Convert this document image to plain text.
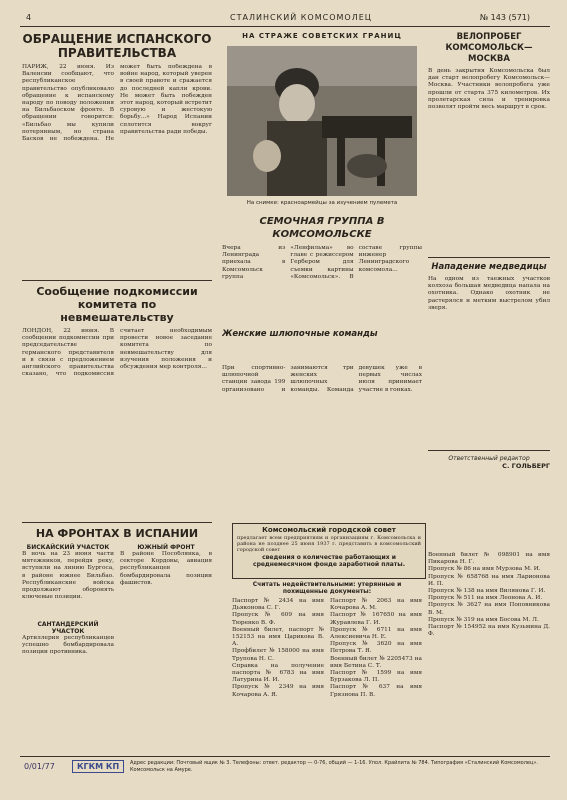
4	СТАЛИНСКИЙ КОМСОМОЛЕЦ	№ 143 (571)
ОБРАЩЕНИЕ ИСПАНСКОГО ПРАВИТЕЛЬСТВА
ПАРИЖ, 22 июня. Из Валенсии сообщают, что республиканское правительство опубликовало обращение к испанскому народу по поводу положения на Бильбаоском фронте. В обращении говорится: «Бильбао мы купили потерянным, но страна Басков не побеждена. Не может быть побеждена в войне народ, который уверен в своей правоте и сражается до последней капли крови. Не может быть побежден этот народ, который встретит суровую и жестокую борьбу...» Народ Испании сплотится вокруг правительства ради победы.
Сообщение подкомиссии комитета по невмешательству
ЛОНДОН, 22 июня. В сообщении подкомиссии при председательстве германского представителя и в связи с предложением английского правительства сказано, что подкомиссия считает необходимым провести новое заседание комитета по невмешательству для изучения положения и обсуждения мер контроля...
НА ФРОНТАХ В ИСПАНИИ
БИСКАЙСКИЙ УЧАСТОК
В ночь на 23 июня части мятежников, перейдя реку, вступили на линию Бургоса, в районе южнее Бильбао. Республиканские войска продолжают оборонять ключевые позиции.
САНТАНДЕРСКИЙ УЧАСТОК
Артиллерия республиканцев успешно бомбардировала позиции противника.
ЮЖНЫЙ ФРОНТ
В районе Пособлянка, в секторе Кордовы, авиация республиканцев бомбардировала позиции фашистов.
НА СТРАЖЕ СОВЕТСКИХ ГРАНИЦ
На снимке: красноармейцы за изучением пулемета
СЕМОЧНАЯ ГРУППА В КОМСОМОЛЬСКЕ
Вчера из Ленинграда приехала в Комсомольск группа «Ленфильма» во главе с режиссером Гербером для съемки картины «Комсомольск». В составе группы инженер Ленинградского комсомола...
Женские шлюпочные команды
При спортивно-шлюпочной станции завода 199 организовано и занимаются три женских шлюпочных команды. Команда девушек уже в первых числах июля принимает участие в гонках.
ВЕЛОПРОБЕГ КОМСОМОЛЬСК—МОСКВА
В день закрытия Комсомольска был дан старт велопробегу Комсомольск—Москва. Участники велопробега уже прошли от старта 375 километров. Их пролетарская сила и тренировка позволят пройти весь маршрут в срок.
Нападение медведицы
На одном из таежных участков колхоза большая медведица напала на охотника. Однако охотник не растерялся и метким выстрелом убил зверя.
Ответственный редактор
С. ГОЛЬБЕРГ
Комсомольский городской совет
предлагает всем предприятиям и организациям г. Комсомольска и района не позднее 25 июня 1937 г. представить в комсомольский городской совет
сведения о количестве работающих и среднемесячном фонде заработной платы.
Считать недействительными: утерянные и похищенные документы:
Паспорт № 2434 на имя Дьяконова С. Г.
Пропуск № 609 на имя Тюренко В. Ф.
Военный билет, паспорт № 152153 на имя Царикова В. А.
Профбилет № 158000 на имя Трупова Н. С.
Справка на получение паспорта № 6783 на имя Латурина И. И.
Пропуск № 2349 на имя Кочарова А. Я.
Паспорт № 2063 на имя Кочарова А. М.
Паспорт № 167650 на имя Журавлева Г. И.
Пропуск № 6711 на имя Алексиевича Н. Е.
Пропуск № 3620 на имя Петрова Т. Я.
Военный билет № 2205473 на имя Бетина С. Т.
Паспорт № 1599 на имя Бурзакова Л. П.
Паспорт № 637 на имя Грязнова П. В.
Военный билет № 098901 на имя Пикарова Н. Г.
Пропуск № 86 на имя Мурзова М. И.
Пропуск № 658768 на имя Ларионова И. П.
Пропуск № 138 на имя Вилянова Г. И.
Пропуск № 511 на имя Леонова А. И.
Пропуск № 3627 на имя Поповникова В. М.
Пропуск № 319 на имя Босова М. Л.
Паспорт № 154952 на имя Кузьмина Д. Ф.
0/01/77	КГКМ КП	Адрес редакции: Почтовый ящик № 3. Телефоны: ответ. редактор — 0-76, общий — 1-16. Упол. Крайлита № 784. Типография «Сталинский Комсомолец». Комсомольск на Амуре.
